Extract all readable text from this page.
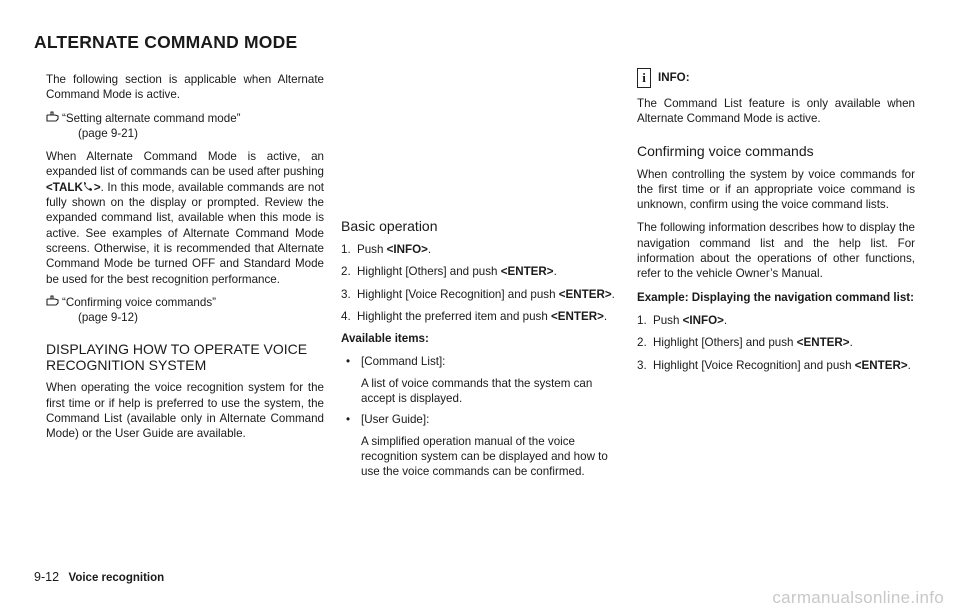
ALTERNATE COMMAND MODE

The following section is applicable when Alternate Command Mode is active.

“Setting alternate command mode”
(page 9-21)

When Alternate Command Mode is active, an expanded list of commands can be used after pushing <TALK >. In this mode, available commands are not fully shown on the display or prompted. Review the expanded command list, available when this mode is active. See examples of Alternate Command Mode screens. Otherwise, it is recommended that Alternate Command Mode be turned OFF and Standard Mode be used for the best recognition performance.

“Confirming voice commands”
(page 9-12)
DISPLAYING HOW TO OPERATE VOICE RECOGNITION SYSTEM

When operating the voice recognition system for the first time or if help is preferred to use the system, the Command List (available only in Alternate Command Mode) or the User Guide are available.

Basic operation
1. Push <INFO>.
2. Highlight [Others] and push <ENTER>.
3. Highlight [Voice Recognition] and push <ENTER>.
4. Highlight the preferred item and push <ENTER>.

Available items:

• [Command List]:
A list of voice commands that the system can accept is displayed.
• [User Guide]:
A simplified operation manual of the voice recognition system can be displayed and how to use the voice commands can be confirmed.
i	INFO:

The Command List feature is only available when Alternate Command Mode is active.

Confirming voice commands

When controlling the system by voice commands for the first time or if an appropriate voice command is unknown, confirm using the voice command lists.

The following information describes how to display the navigation command list and the help list. For information about the operations of other functions, refer to the vehicle Owner’s Manual.

Example: Displaying the navigation command list:

1. Push <INFO>.
2. Highlight [Others] and push <ENTER>.
3. Highlight [Voice Recognition] and push <ENTER>.
9-12 Voice recognition
carmanualsonline.info
